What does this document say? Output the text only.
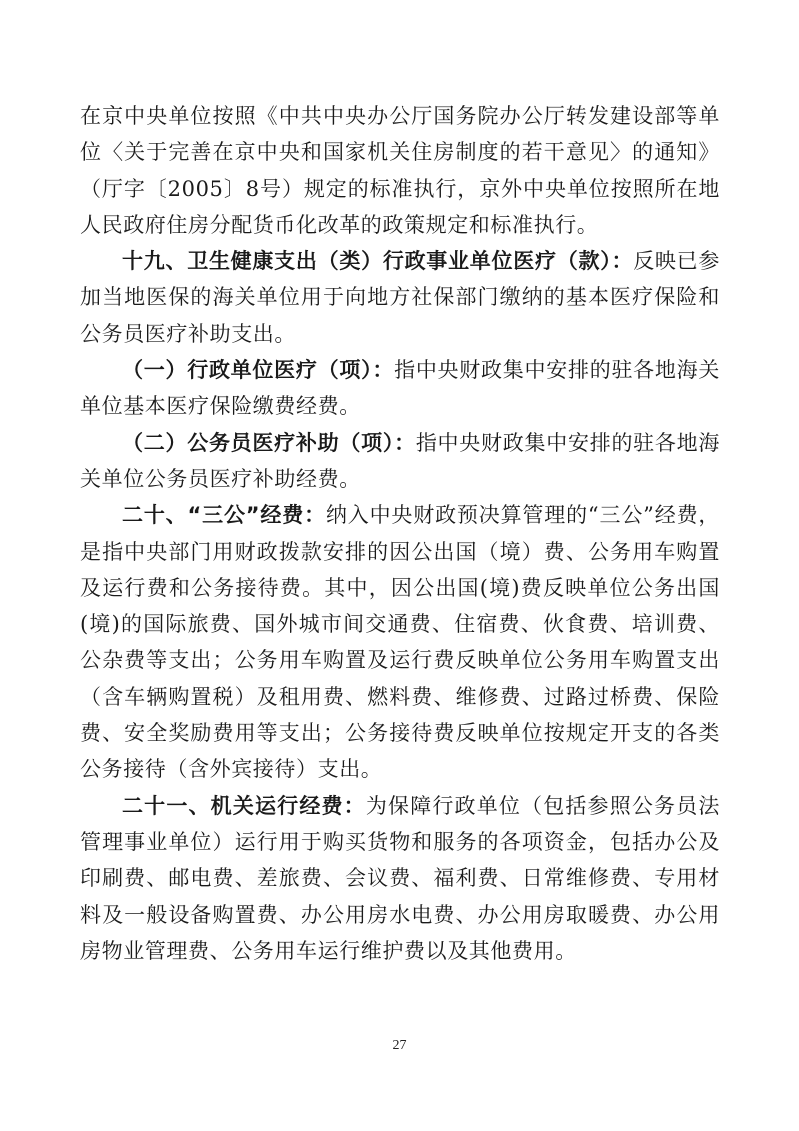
在京中央单位按照《中共中央办公厅国务院办公厅转发建设部等单位〈关于完善在京中央和国家机关住房制度的若干意见〉的通知》（厅字〔2005〕8号）规定的标准执行，京外中央单位按照所在地人民政府住房分配货币化改革的政策规定和标准执行。

十九、卫生健康支出（类）行政事业单位医疗（款）：反映已参加当地医保的海关单位用于向地方社保部门缴纳的基本医疗保险和公务员医疗补助支出。

（一）行政单位医疗（项）：指中央财政集中安排的驻各地海关单位基本医疗保险缴费经费。

（二）公务员医疗补助（项）：指中央财政集中安排的驻各地海关单位公务员医疗补助经费。

二十、“三公”经费：纳入中央财政预决算管理的“三公”经费，是指中央部门用财政拨款安排的因公出国（境）费、公务用车购置及运行费和公务接待费。其中，因公出国(境)费反映单位公务出国(境)的国际旅费、国外城市间交通费、住宿费、伙食费、培训费、公杂费等支出；公务用车购置及运行费反映单位公务用车购置支出（含车辆购置税）及租用费、燃料费、维修费、过路过桥费、保险费、安全奖励费用等支出；公务接待费反映单位按规定开支的各类公务接待（含外宾接待）支出。

二十一、机关运行经费：为保障行政单位（包括参照公务员法管理事业单位）运行用于购买货物和服务的各项资金，包括办公及印刷费、邮电费、差旅费、会议费、福利费、日常维修费、专用材料及一般设备购置费、办公用房水电费、办公用房取暖费、办公用房物业管理费、公务用车运行维护费以及其他费用。

27
